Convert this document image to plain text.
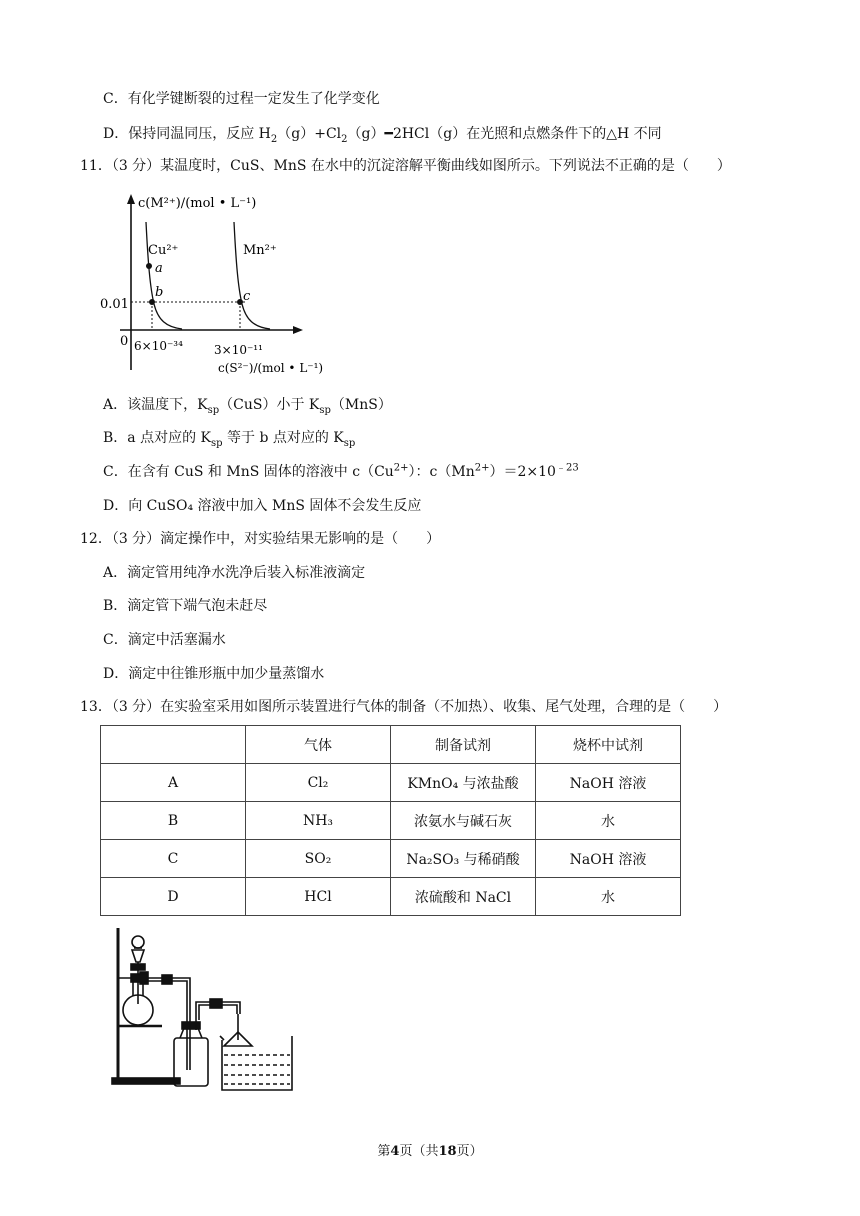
C．有化学键断裂的过程一定发生了化学变化
D．保持同温同压，反应 $H_2(g)+Cl_2(g)━2HCl(g)$在光照和点燃条件下的△H 不同
11．（3 分）某温度时，CuS、MnS 在水中的沉淀溶解平衡曲线如图所示。下列说法不正确的是（　　）
c(M²⁺)/(mol • L⁻¹)
Cu²⁺	Mn²⁺
a
b	c
0.01
0 6×10⁻³⁴	3×10⁻¹¹
c(S²⁻)/(mol • L⁻¹)
A．该温度下，$K_{sp}(CuS)$小于 $K_{sp}(MnS)$
B．a 点对应的 $K_{sp}$ 等于 b 点对应的 $K_{sp}$
C．在含有 CuS 和 MnS 固体的溶液中 $c(Cu^{2+})$：$c(Mn^{2+})=2\times 10^{﹣23}$
D．向 CuSO₄ 溶液中加入 MnS 固体不会发生反应
12．（3 分）滴定操作中，对实验结果无影响的是（　　）
A．滴定管用纯净水洗净后装入标准液滴定
B．滴定管下端气泡未赶尽
C．滴定中活塞漏水
D．滴定中往锥形瓶中加少量蒸馏水
13．（3 分）在实验室采用如图所示装置进行气体的制备（不加热）、收集、尾气处理，合理的是（　　）
	气体	制备试剂	烧杯中试剂
A	Cl₂	KMnO₄ 与浓盐酸	NaOH 溶液
B	NH₃	浓氨水与碱石灰	水
C	SO₂	Na₂SO₃ 与稀硝酸	NaOH 溶液
D	HCl	浓硫酸和 NaCl	水
第4页（共18页）
